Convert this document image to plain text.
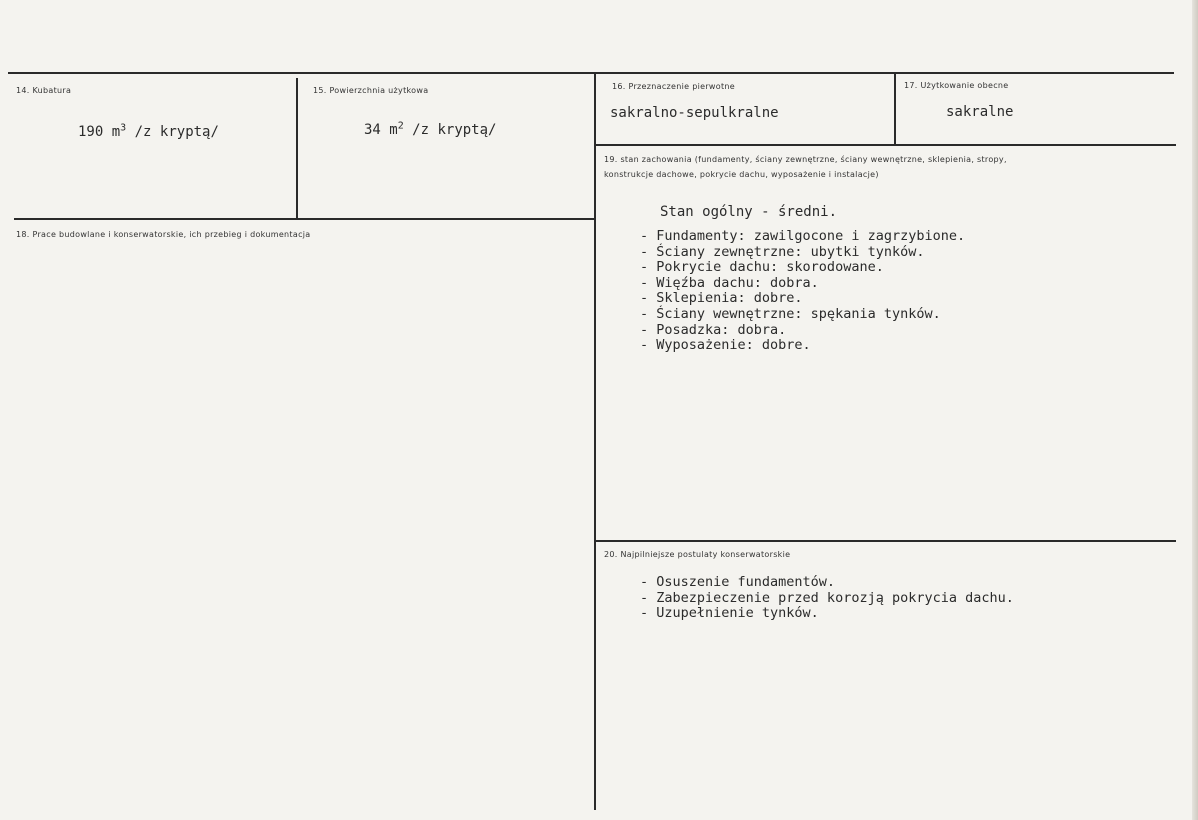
14. Kubatura
190 $m^3$ /z kryptą/
15. Powierzchnia użytkowa
34 $m^2$ /z kryptą/
16. Przeznaczenie pierwotne
sakralno-sepulkralne
17. Użytkowanie obecne
sakralne
18. Prace budowlane i konserwatorskie, ich przebieg i dokumentacja
19. stan zachowania (fundamenty, ściany zewnętrzne, ściany wewnętrzne, sklepienia, stropy,
konstrukcje dachowe, pokrycie dachu, wyposażenie i instalacje)
Stan ogólny - średni.
- Fundamenty: zawilgocone i zagrzybione.
- Ściany zewnętrzne: ubytki tynków.
- Pokrycie dachu: skorodowane.
- Więźba dachu: dobra.
- Sklepienia: dobre.
- Ściany wewnętrzne: spękania tynków.
- Posadzka: dobra.
- Wyposażenie: dobre.
20. Najpilniejsze postulaty konserwatorskie
- Osuszenie fundamentów.
- Zabezpieczenie przed korozją pokrycia dachu.
- Uzupełnienie tynków.
